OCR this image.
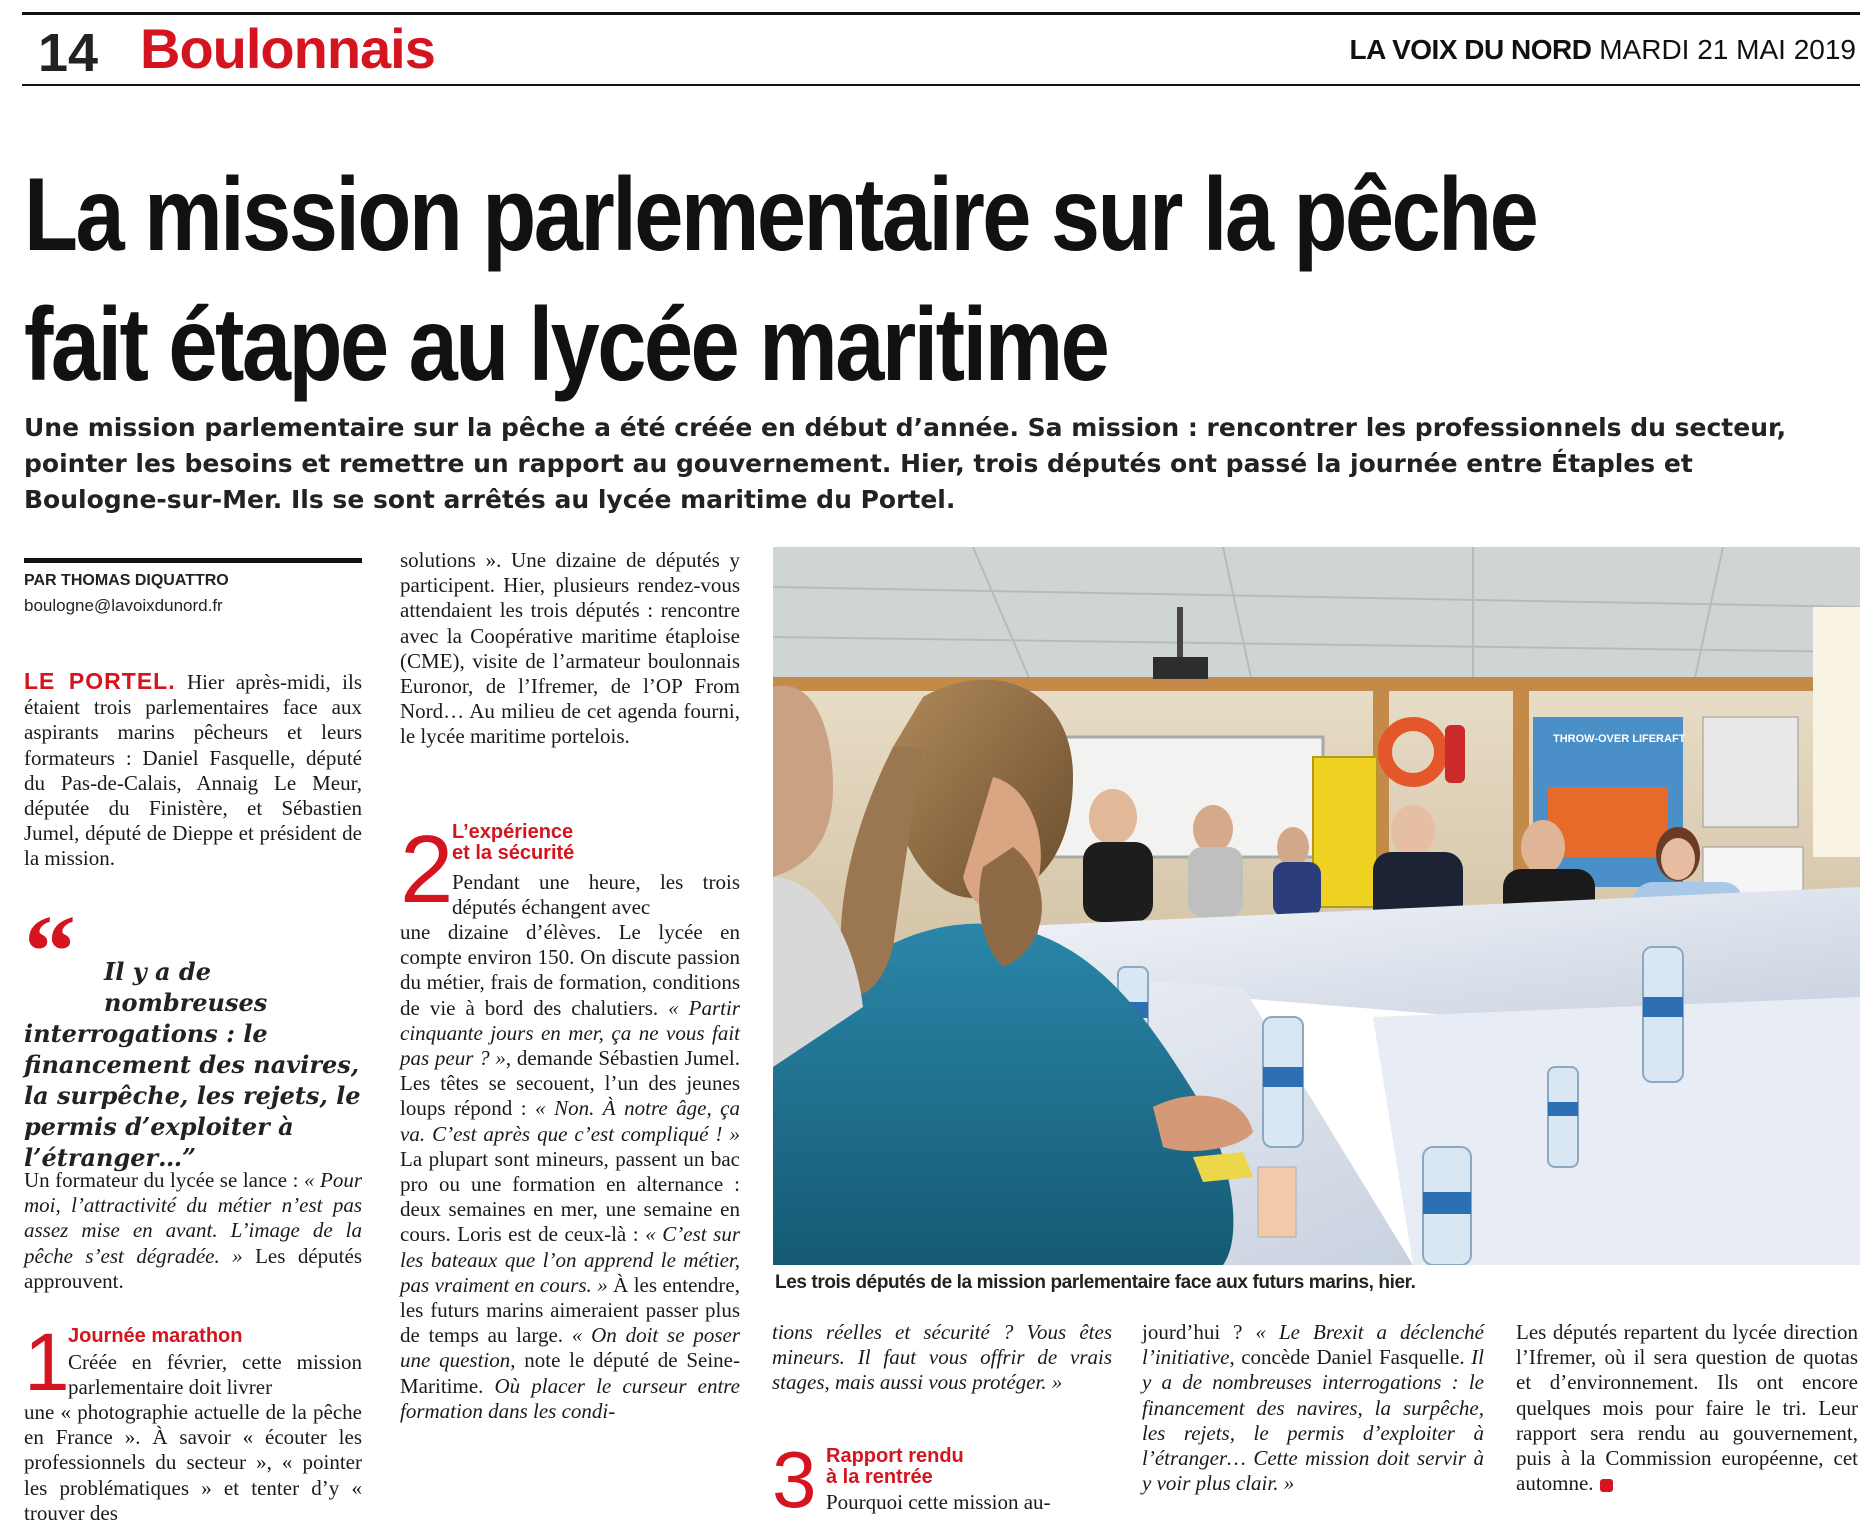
14 Boulonnais	LA VOIX DU NORD MARDI 21 MAI 2019
La mission parlementaire sur la pêche fait étape au lycée maritime

Une mission parlementaire sur la pêche a été créée en début d’année. Sa mission : rencontrer les professionnels du secteur, pointer les besoins et remettre un rapport au gouvernement. Hier, trois députés ont passé la journée entre Étaples et Boulogne-sur-Mer. Ils se sont arrêtés au lycée maritime du Portel.

PAR THOMAS DIQUATTRO
boulogne@lavoixdunord.fr

LE PORTEL. Hier après-midi, ils étaient trois parlementaires face aux aspirants marins pêcheurs et leurs formateurs : Daniel Fasquelle, député du Pas-de-Calais, Annaig Le Meur, députée du Finistère, et Sébastien Jumel, député de Dieppe et président de la mission.

“	Il y a de nombreuses
interrogations : le financement des navires, la surpêche, les rejets, le permis d’exploiter à l’étranger…”

Un formateur du lycée se lance : « Pour moi, l’attractivité du métier n’est pas assez mise en avant. L’image de la pêche s’est dégradée. » Les députés approuvent.

1
Journée marathon

Créée en février, cette mission parlementaire doit livrer

une « photographie actuelle de la pêche en France ». À savoir « écouter les professionnels du secteur », « pointer les problématiques » et tenter d’y « trouver des

solutions ». Une dizaine de députés y participent. Hier, plusieurs rendez-vous attendaient les trois députés : rencontre avec la Coopérative maritime étaploise (CME), visite de l’armateur boulonnais Euronor, de l’Ifremer, de l’OP From Nord… Au milieu de cet agenda fourni, le lycée maritime portelois.

2
L’expérience
et la sécurité

Pendant une heure, les trois députés échangent avec

une dizaine d’élèves. Le lycée en compte environ 150. On discute passion du métier, frais de formation, conditions de vie à bord des chalutiers. « Partir cinquante jours en mer, ça ne vous fait pas peur ? », demande Sébastien Jumel. Les têtes se secouent, l’un des jeunes loups répond : « Non. À notre âge, ça va. C’est après que c’est compliqué ! » La plupart sont mineurs, passent un bac pro ou une formation en alternance : deux semaines en mer, une semaine en cours. Loris est de ceux-là : « C’est sur les bateaux que l’on apprend le métier, pas vraiment en cours. » À les entendre, les futurs marins aimeraient passer plus de temps au large. « On doit se poser une question, note le député de Seine-Maritime. Où placer le curseur entre formation dans les condi-

THROW-OVER LIFERAFT
Les trois députés de la mission parlementaire face aux futurs marins, hier.

tions réelles et sécurité ? Vous êtes mineurs. Il faut vous offrir de vrais stages, mais aussi vous protéger. »

3 Rapport rendu
à la rentrée

Pourquoi cette mission au-

jourd’hui ? « Le Brexit a déclenché l’initiative, concède Daniel Fasquelle. Il y a de nombreuses interrogations : le financement des navires, la surpêche, les rejets, le permis d’exploiter à l’étranger… Cette mission doit servir à y voir plus clair. »

Les députés repartent du lycée direction l’Ifremer, où il sera question de quotas et d’environnement. Ils ont encore quelques mois pour faire le tri. Leur rapport sera rendu au gouvernement, puis à la Commission européenne, cet automne.
